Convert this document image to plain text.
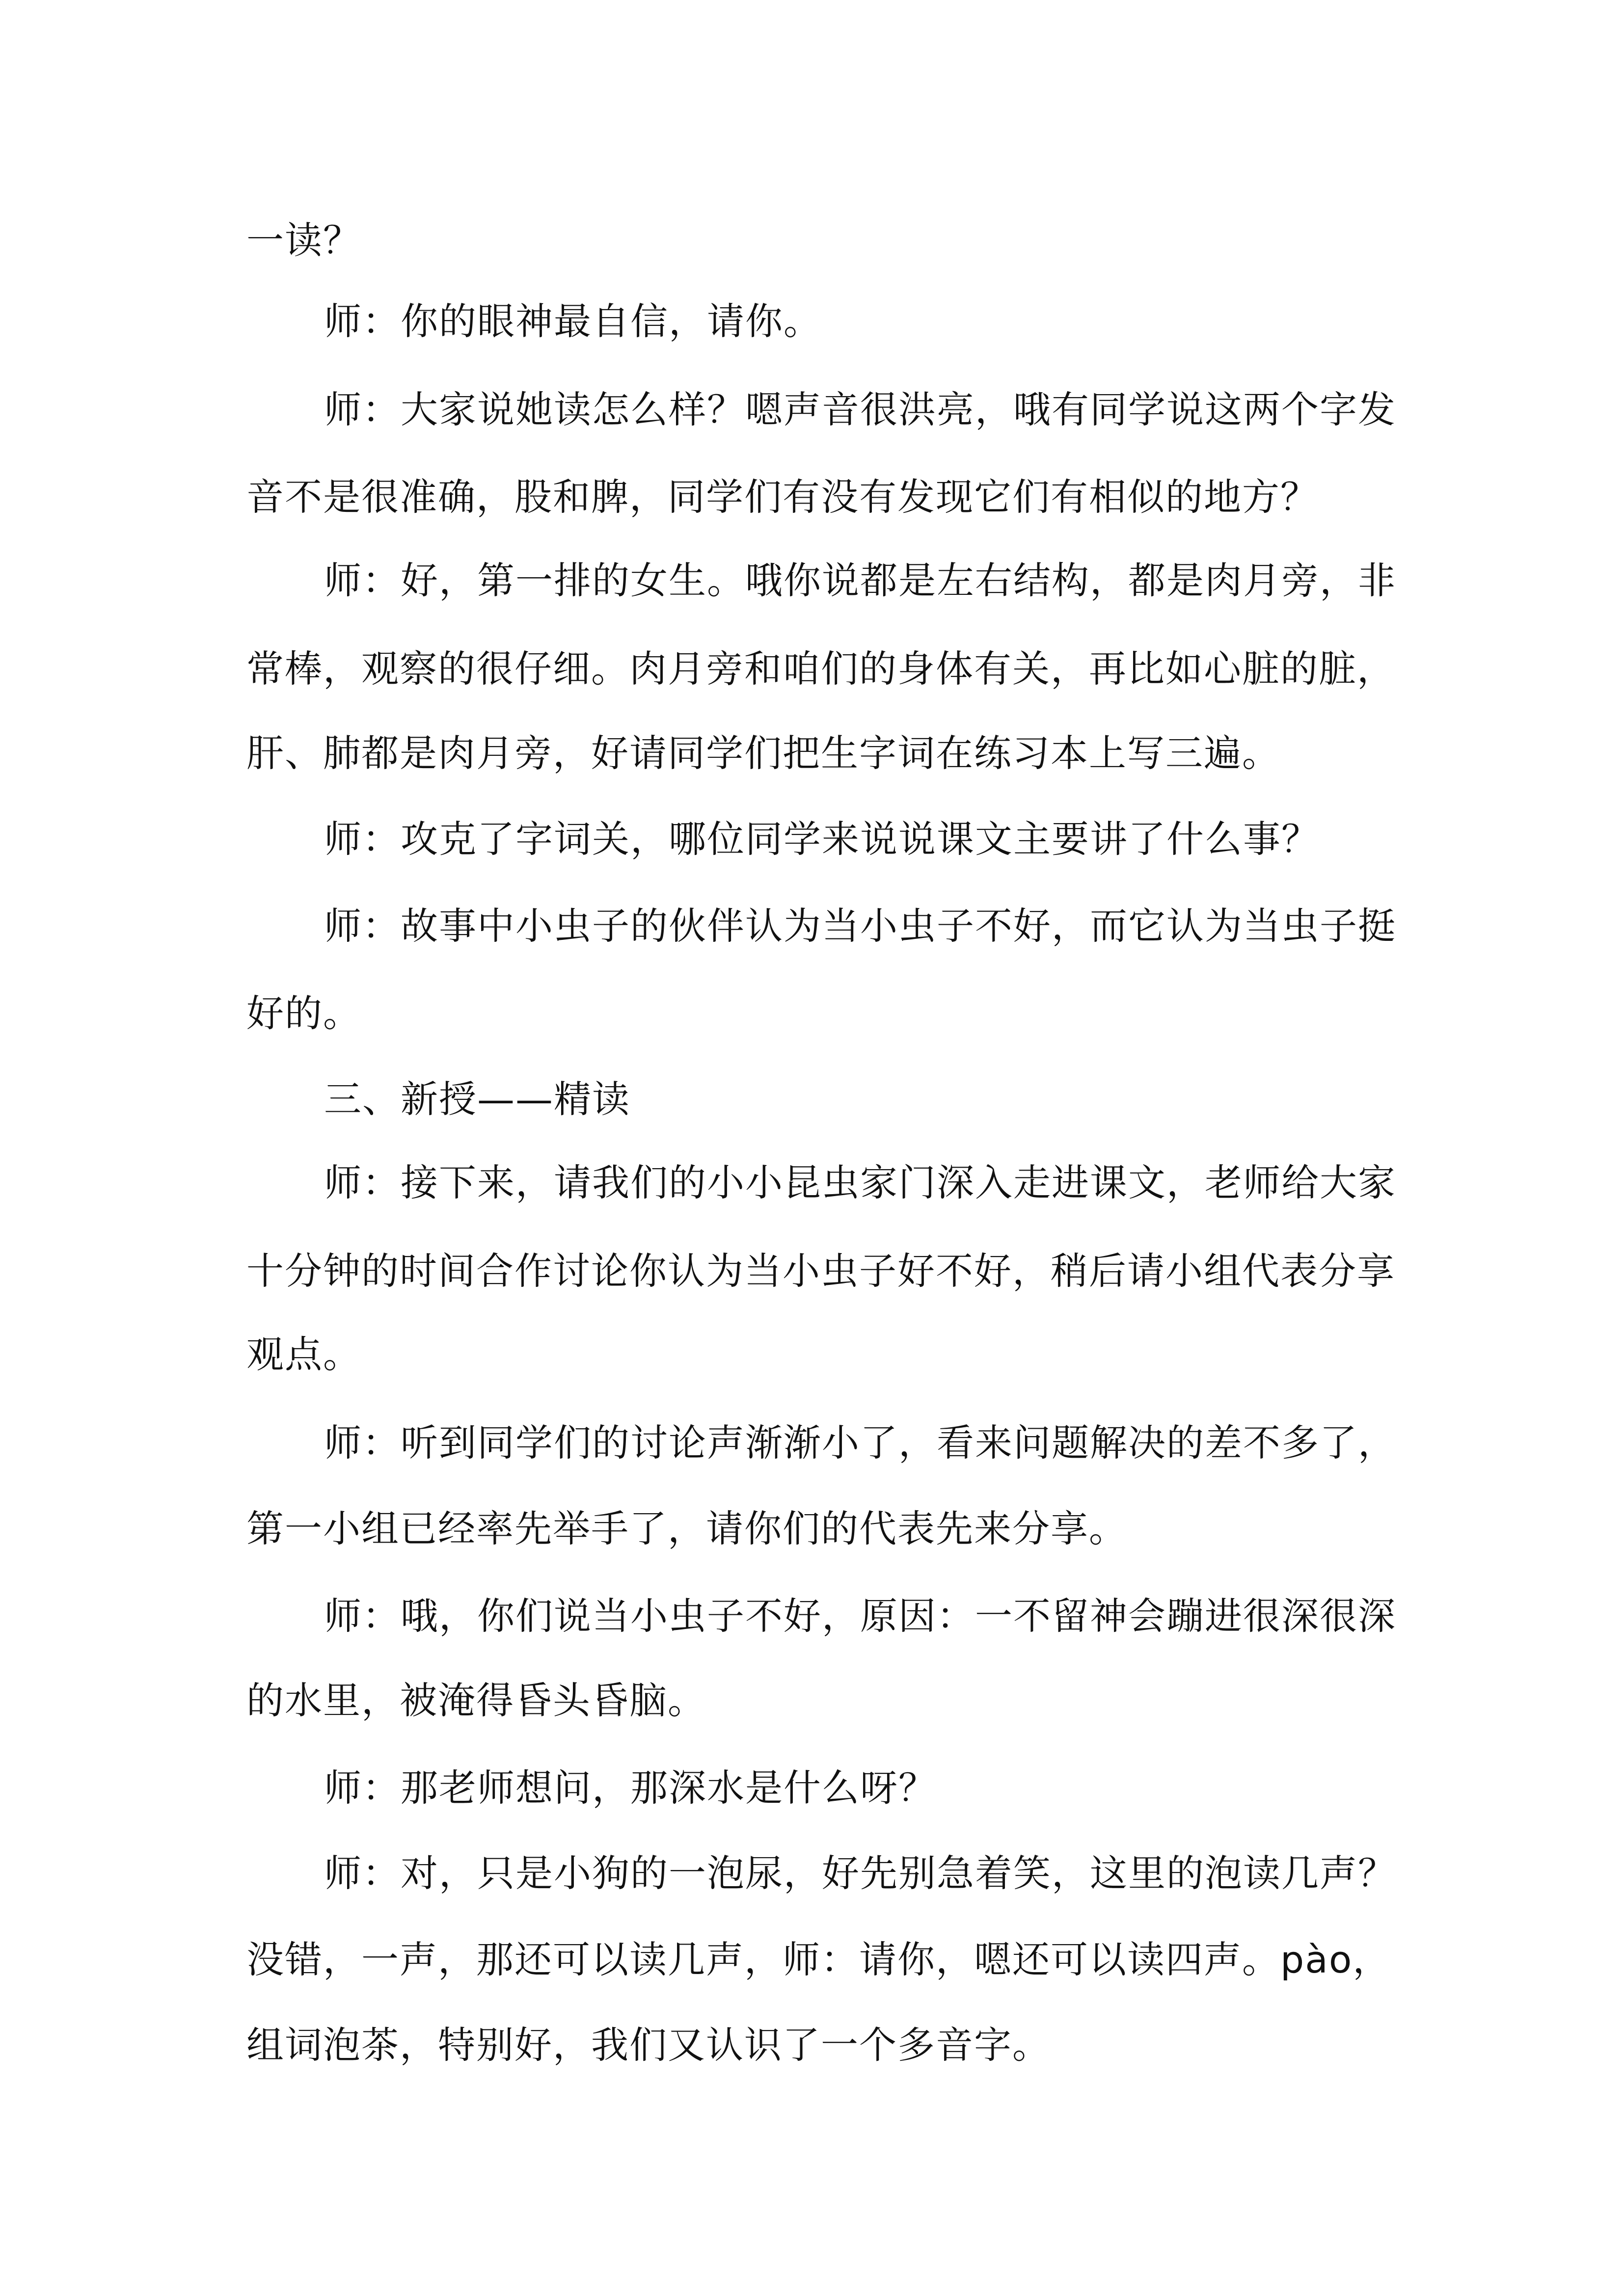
一读？
师：你的眼神最自信，请你。
师：大家说她读怎么样？嗯声音很洪亮，哦有同学说这两个字发
音不是很准确，股和脾，同学们有没有发现它们有相似的地方？
师：好，第一排的女生。哦你说都是左右结构，都是肉月旁，非
常棒，观察的很仔细。肉月旁和咱们的身体有关，再比如心脏的脏，
肝、肺都是肉月旁，好请同学们把生字词在练习本上写三遍。
师：攻克了字词关，哪位同学来说说课文主要讲了什么事？
师：故事中小虫子的伙伴认为当小虫子不好，而它认为当虫子挺
好的。
三、新授——精读
师：接下来，请我们的小小昆虫家门深入走进课文，老师给大家
十分钟的时间合作讨论你认为当小虫子好不好，稍后请小组代表分享
观点。
师：听到同学们的讨论声渐渐小了，看来问题解决的差不多了，
第一小组已经率先举手了，请你们的代表先来分享。
师：哦，你们说当小虫子不好，原因：一不留神会蹦进很深很深
的水里，被淹得昏头昏脑。
师：那老师想问，那深水是什么呀？
师：对，只是小狗的一泡尿，好先别急着笑，这里的泡读几声？
没错，一声，那还可以读几声，师：请你，嗯还可以读四声。pào，
组词泡茶，特别好，我们又认识了一个多音字。
